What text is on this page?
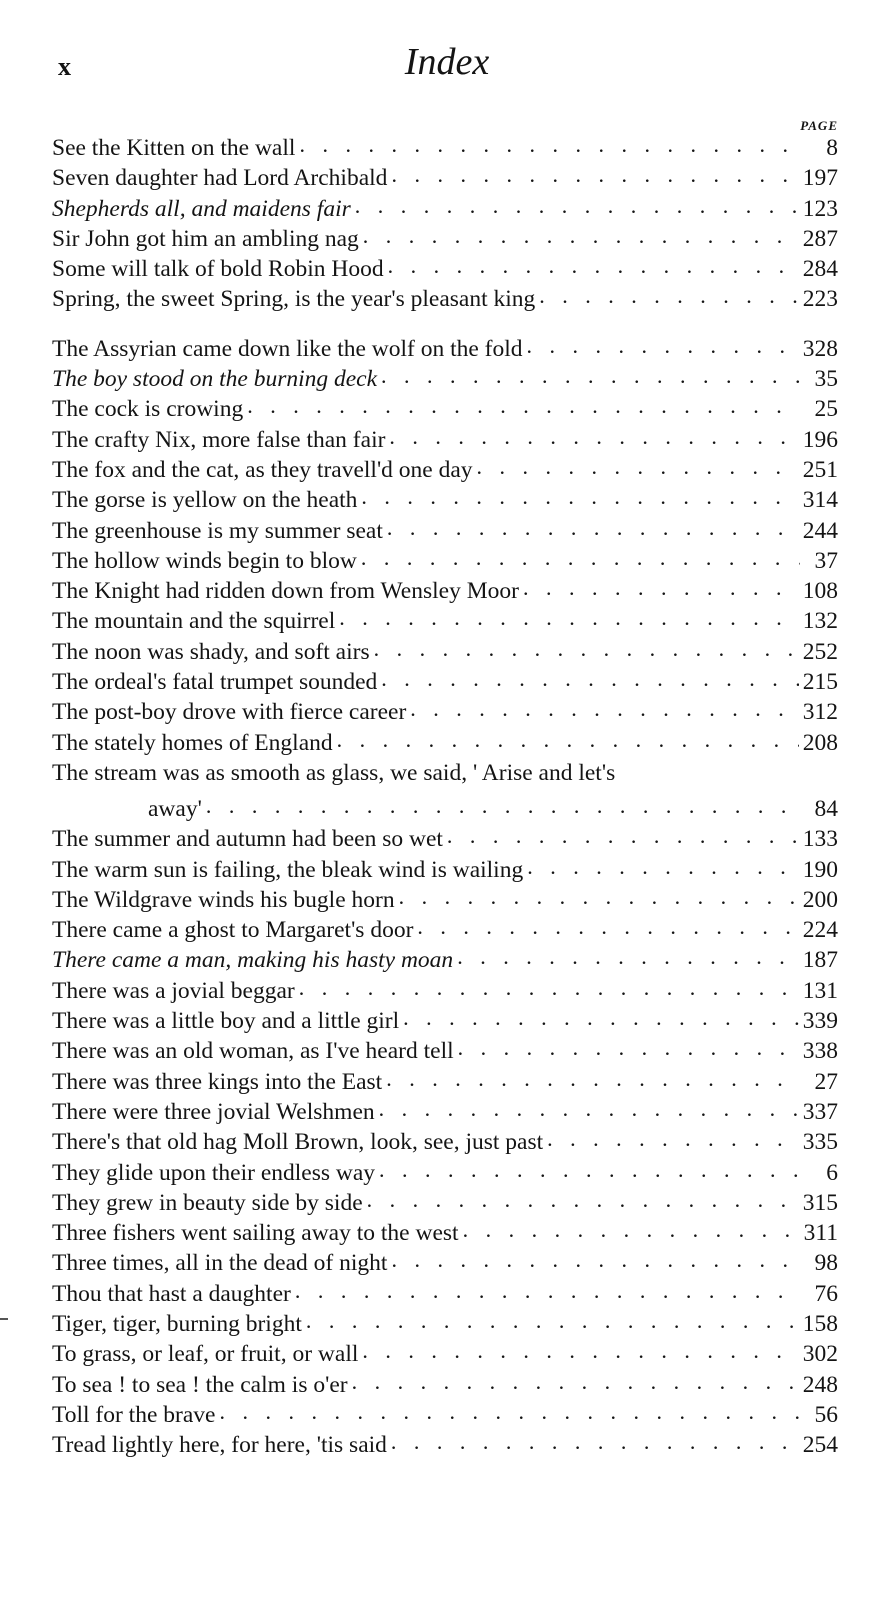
x	Index
PAGE
See the Kitten on the wall . . .	8
Seven daughter had Lord Archibald . . .	197
Shepherds all, and maidens fair . . .	123
Sir John got him an ambling nag . . .	287
Some will talk of bold Robin Hood . . .	284
Spring, the sweet Spring, is the year's pleasant king . . .	223
The Assyrian came down like the wolf on the fold . . .	328
The boy stood on the burning deck . . .	35
The cock is crowing . . .	25
The crafty Nix, more false than fair . . .	196
The fox and the cat, as they travell'd one day . . .	251
The gorse is yellow on the heath . . .	314
The greenhouse is my summer seat . . .	244
The hollow winds begin to blow . . .	37
The Knight had ridden down from Wensley Moor . . .	108
The mountain and the squirrel . . .	132
The noon was shady, and soft airs . . .	252
The ordeal's fatal trumpet sounded . . .	215
The post-boy drove with fierce career . . .	312
The stately homes of England . . .	208
The stream was as smooth as glass, we said, ' Arise and let's
away' . . .	84
The summer and autumn had been so wet . . .	133
The warm sun is failing, the bleak wind is wailing . . .	190
The Wildgrave winds his bugle horn . . .	200
There came a ghost to Margaret's door . . .	224
There came a man, making his hasty moan . . .	187
There was a jovial beggar . . .	131
There was a little boy and a little girl . . .	339
There was an old woman, as I've heard tell . . .	338
There was three kings into the East . . .	27
There were three jovial Welshmen . . .	337
There's that old hag Moll Brown, look, see, just past . . .	335
They glide upon their endless way . . .	6
They grew in beauty side by side . . .	315
Three fishers went sailing away to the west . . .	311
Three times, all in the dead of night . . .	98
Thou that hast a daughter . . .	76
Tiger, tiger, burning bright . . .	158
To grass, or leaf, or fruit, or wall . . .	302
To sea ! to sea ! the calm is o'er . . .	248
Toll for the brave . . .	56
Tread lightly here, for here, 'tis said . . .	254
